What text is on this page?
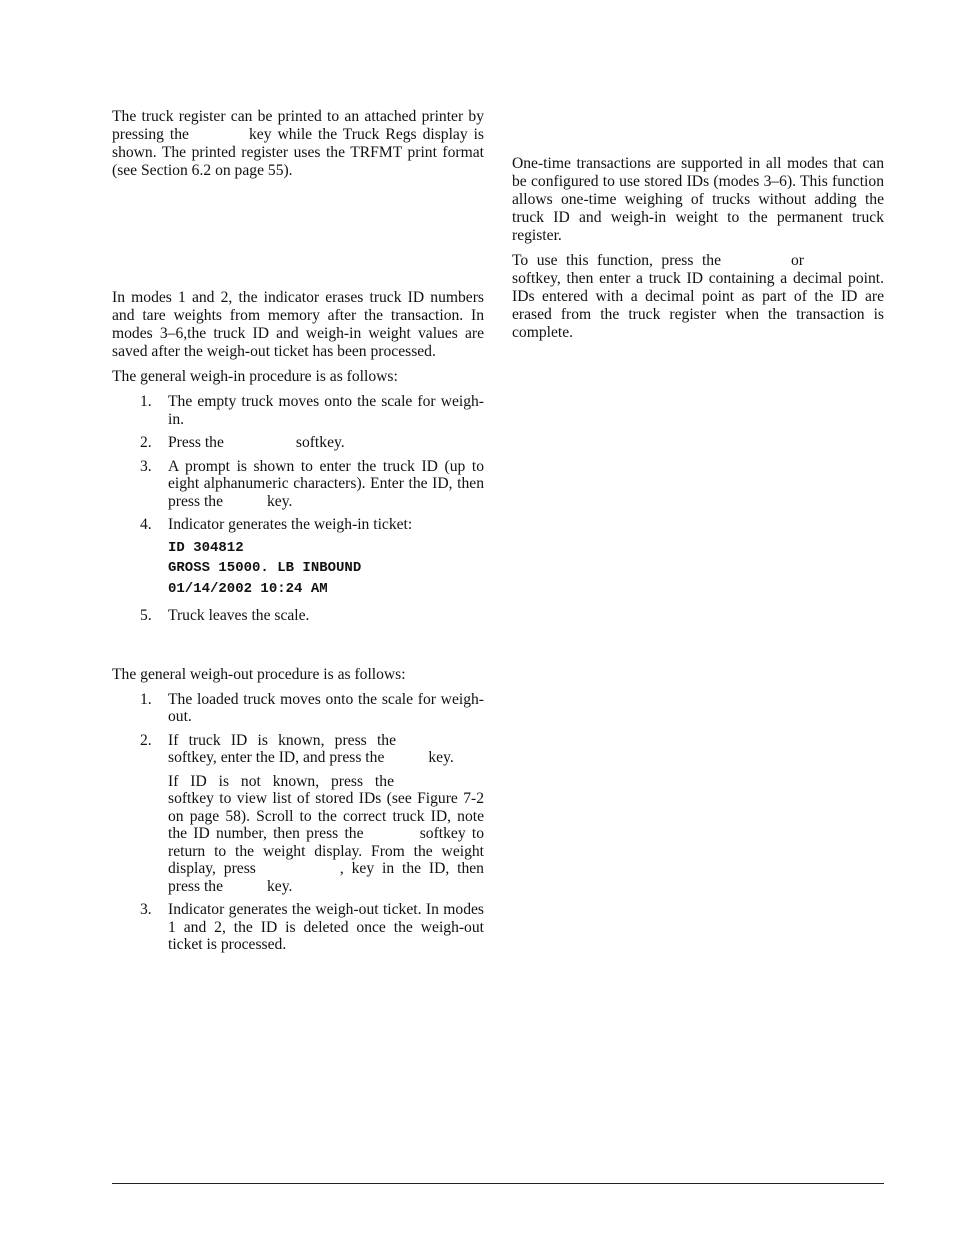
The truck register can be printed to an attached printer by pressing the	key while the Truck Regs display is shown. The printed register uses the TRFMT print format (see Section 6.2 on page 55).

In modes 1 and 2, the indicator erases truck ID numbers and tare weights from memory after the transaction. In modes 3–6,the truck ID and weigh-in weight values are saved after the weigh-out ticket has been processed.

The general weigh-in procedure is as follows:

1. The empty truck moves onto the scale for weigh-in.
2. Press the	softkey.
3. A prompt is shown to enter the truck ID (up to eight alphanumeric characters). Enter the ID, then press the	key.
4. Indicator generates the weigh-in ticket:
ID 304812
GROSS 15000. LB INBOUND
01/14/2002 10:24 AM
5. Truck leaves the scale.

The general weigh-out procedure is as follows:

1. The loaded truck moves onto the scale for weigh-out.
2. If truck ID is known, press the softkey, enter the ID, and press the	key.

If ID is not known, press the softkey to view list of stored IDs (see Figure 7-2 on page 58). Scroll to the correct truck ID, note the ID number, then press the	softkey to return to the weight display. From the weight display, press	, key in the ID, then press the	key.

3. Indicator generates the weigh-out ticket. In modes 1 and 2, the ID is deleted once the weigh-out ticket is processed.

One-time transactions are supported in all modes that can be configured to use stored IDs (modes 3–6). This function allows one-time weighing of trucks without adding the truck ID and weigh-in weight to the permanent truck register.

To use this function, press the	or softkey, then enter a truck ID containing a decimal point. IDs entered with a decimal point as part of the ID are erased from the truck register when the transaction is complete.
